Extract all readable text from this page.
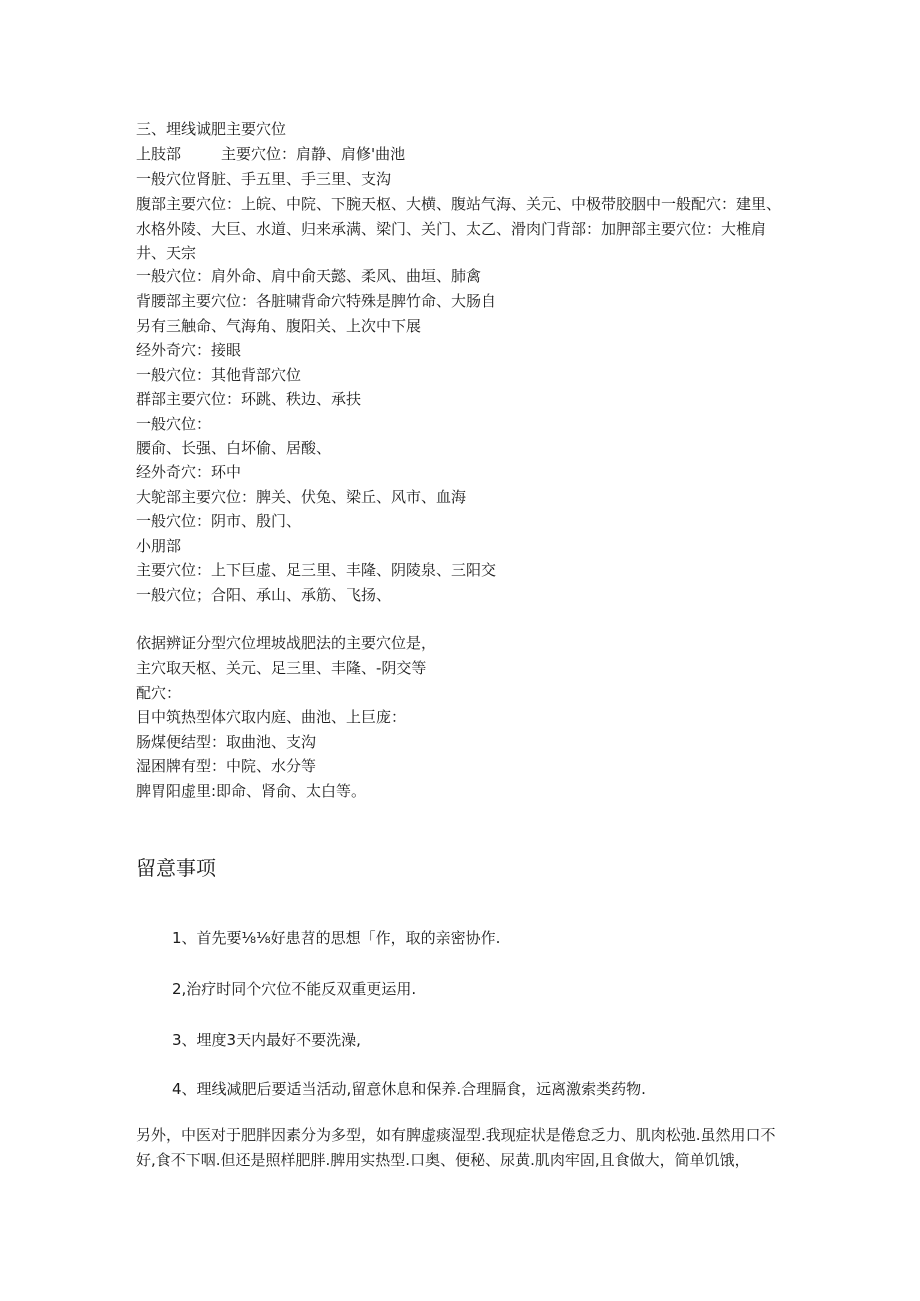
三、埋线诚肥主要穴位
上肢部	主要穴位：肩静、肩修'曲池
一般穴位肾脏、手五里、手三里、支沟
腹部主要穴位：上皖、中院、下腕天枢、大横、腹站气海、关元、中极带胶胭中一般配穴：建里、水格外陵、大巨、水道、归来承满、梁门、关门、太乙、滑肉门背部：加胛部主要穴位：大椎肩井、天宗
一般穴位：肩外命、肩中俞天懿、柔风、曲垣、肺禽
背腰部主要穴位：各脏啸背命穴特殊是脾竹命、大肠自
另有三触命、气海角、腹阳关、上次中下展
经外奇穴：接眼
一般穴位：其他背部穴位
群部主要穴位：环跳、秩边、承扶
一般穴位：
腰俞、长强、白坏偷、居酸、
经外奇穴：环中
大鸵部主要穴位：脾关、伏兔、梁丘、风市、血海
一般穴位：阴市、殷门、
小朋部
主要穴位：上下巨虚、足三里、丰隆、阴陵泉、三阳交
一般穴位；合阳、承山、承筋、飞扬、
依据辨证分型穴位埋坡战肥法的主要穴位是，
主穴取天枢、关元、足三里、丰隆、-阴交等
配穴：
目中筑热型体穴取内庭、曲池、上巨庞：
肠煤便结型：取曲池、支沟
湿困牌有型：中院、水分等
脾胃阳虚里:即命、肾俞、太白等。
留意事项
1、首先要⅛⅛好患苕的思想「作，取的亲密协作.
2,治疗时同个穴位不能反双重更运用.
3、埋度3天内最好不要洗澡,
4、理线减肥后要适当活动,留意休息和保养.合理膈食，远离激索类药物.
另外，中医对于肥胖因素分为多型，如有脾虚痰湿型.我现症状是倦怠乏力、肌肉松弛.虽然用口不好,食不下咽.但还是照样肥胖.脾用实热型.口奥、便秘、尿黄.肌肉牢固,且食做大，简单饥饿，
